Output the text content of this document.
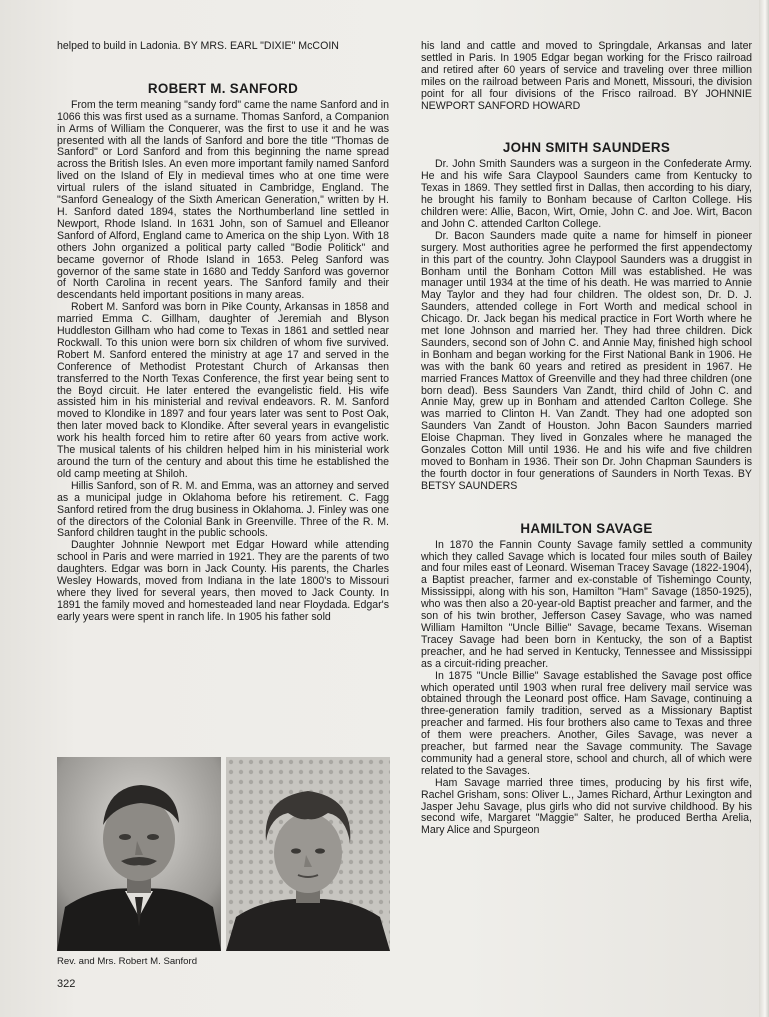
helped to build in Ladonia. BY MRS. EARL "DIXIE" McCOIN

ROBERT M. SANFORD

From the term meaning "sandy ford" came the name Sanford and in 1066 this was first used as a surname. Thomas Sanford, a Companion in Arms of William the Conquerer, was the first to use it and he was presented with all the lands of Sanford and bore the title "Thomas de Sanford" or Lord Sanford and from this beginning the name spread across the British Isles. An even more important family named Sanford lived on the Island of Ely in medieval times who at one time were virtual rulers of the island situated in Cambridge, England. The "Sanford Genealogy of the Sixth American Generation," written by H. H. Sanford dated 1894, states the Northumberland line settled in Newport, Rhode Island. In 1631 John, son of Samuel and Elleanor Sanford of Alford, England came to America on the ship Lyon. With 18 others John organized a political party called "Bodie Politick" and became governor of Rhode Island in 1653. Peleg Sanford was governor of the same state in 1680 and Teddy Sanford was governor of North Carolina in recent years. The Sanford family and their descendants held important positions in many areas.

Robert M. Sanford was born in Pike County, Arkansas in 1858 and married Emma C. Gillham, daughter of Jeremiah and Blyson Huddleston Gillham who had come to Texas in 1861 and settled near Rockwall. To this union were born six children of whom five survived. Robert M. Sanford entered the ministry at age 17 and served in the Conference of Methodist Protestant Church of Arkansas then transferred to the North Texas Conference, the first year being sent to the Boyd circuit. He later entered the evangelistic field. His wife assisted him in his ministerial and revival endeavors. R. M. Sanford moved to Klondike in 1897 and four years later was sent to Post Oak, then later moved back to Klondike. After several years in evangelistic work his health forced him to retire after 60 years from active work. The musical talents of his children helped him in his ministerial work around the turn of the century and about this time he established the old camp meeting at Shiloh.

Hillis Sanford, son of R. M. and Emma, was an attorney and served as a municipal judge in Oklahoma before his retirement. C. Fagg Sanford retired from the drug business in Oklahoma. J. Finley was one of the directors of the Colonial Bank in Greenville. Three of the R. M. Sanford children taught in the public schools.

Daughter Johnnie Newport met Edgar Howard while attending school in Paris and were married in 1921. They are the parents of two daughters. Edgar was born in Jack County. His parents, the Charles Wesley Howards, moved from Indiana in the late 1800's to Missouri where they lived for several years, then moved to Jack County. In 1891 the family moved and homesteaded land near Floydada. Edgar's early years were spent in ranch life. In 1905 his father sold

Rev. and Mrs. Robert M. Sanford

his land and cattle and moved to Springdale, Arkansas and later settled in Paris. In 1905 Edgar began working for the Frisco railroad and retired after 60 years of service and traveling over three million miles on the railroad between Paris and Monett, Missouri, the division point for all four divisions of the Frisco railroad. BY JOHNNIE NEWPORT SANFORD HOWARD

JOHN SMITH SAUNDERS

Dr. John Smith Saunders was a surgeon in the Confederate Army. He and his wife Sara Claypool Saunders came from Kentucky to Texas in 1869. They settled first in Dallas, then according to his diary, he brought his family to Bonham because of Carlton College. His children were: Allie, Bacon, Wirt, Omie, John C. and Joe. Wirt, Bacon and John C. attended Carlton College.

Dr. Bacon Saunders made quite a name for himself in pioneer surgery. Most authorities agree he performed the first appendectomy in this part of the country. John Claypool Saunders was a druggist in Bonham until the Bonham Cotton Mill was established. He was manager until 1934 at the time of his death. He was married to Annie May Taylor and they had four children. The oldest son, Dr. D. J. Saunders, attended college in Fort Worth and medical school in Chicago. Dr. Jack began his medical practice in Fort Worth where he met Ione Johnson and married her. They had three children. Dick Saunders, second son of John C. and Annie May, finished high school in Bonham and began working for the First National Bank in 1906. He was with the bank 60 years and retired as president in 1967. He married Frances Mattox of Greenville and they had three children (one born dead). Bess Saunders Van Zandt, third child of John C. and Annie May, grew up in Bonham and attended Carlton College. She was married to Clinton H. Van Zandt. They had one adopted son Saunders Van Zandt of Houston. John Bacon Saunders married Eloise Chapman. They lived in Gonzales where he managed the Gonzales Cotton Mill until 1936. He and his wife and five children moved to Bonham in 1936. Their son Dr. John Chapman Saunders is the fourth doctor in four generations of Saunders in North Texas. BY BETSY SAUNDERS

HAMILTON SAVAGE

In 1870 the Fannin County Savage family settled a community which they called Savage which is located four miles south of Bailey and four miles east of Leonard. Wiseman Tracey Savage (1822-1904), a Baptist preacher, farmer and ex-constable of Tishemingo County, Mississippi, along with his son, Hamilton "Ham" Savage (1850-1925), who was then also a 20-year-old Baptist preacher and farmer, and the son of his twin brother, Jefferson Casey Savage, who was named William Hamilton "Uncle Billie" Savage, became Texans. Wiseman Tracey Savage had been born in Kentucky, the son of a Baptist preacher, and he had served in Kentucky, Tennessee and Mississippi as a circuit-riding preacher.

In 1875 "Uncle Billie" Savage established the Savage post office which operated until 1903 when rural free delivery mail service was obtained through the Leonard post office. Ham Savage, continuing a three-generation family tradition, served as a Missionary Baptist preacher and farmed. His four brothers also came to Texas and three of them were preachers. Another, Giles Savage, was never a preacher, but farmed near the Savage community. The Savage community had a general store, school and church, all of which were related to the Savages.

Ham Savage married three times, producing by his first wife, Rachel Grisham, sons: Oliver L., James Richard, Arthur Lexington and Jasper Jehu Savage, plus girls who did not survive childhood. By his second wife, Margaret "Maggie" Salter, he produced Bertha Arelia, Mary Alice and Spurgeon

322
